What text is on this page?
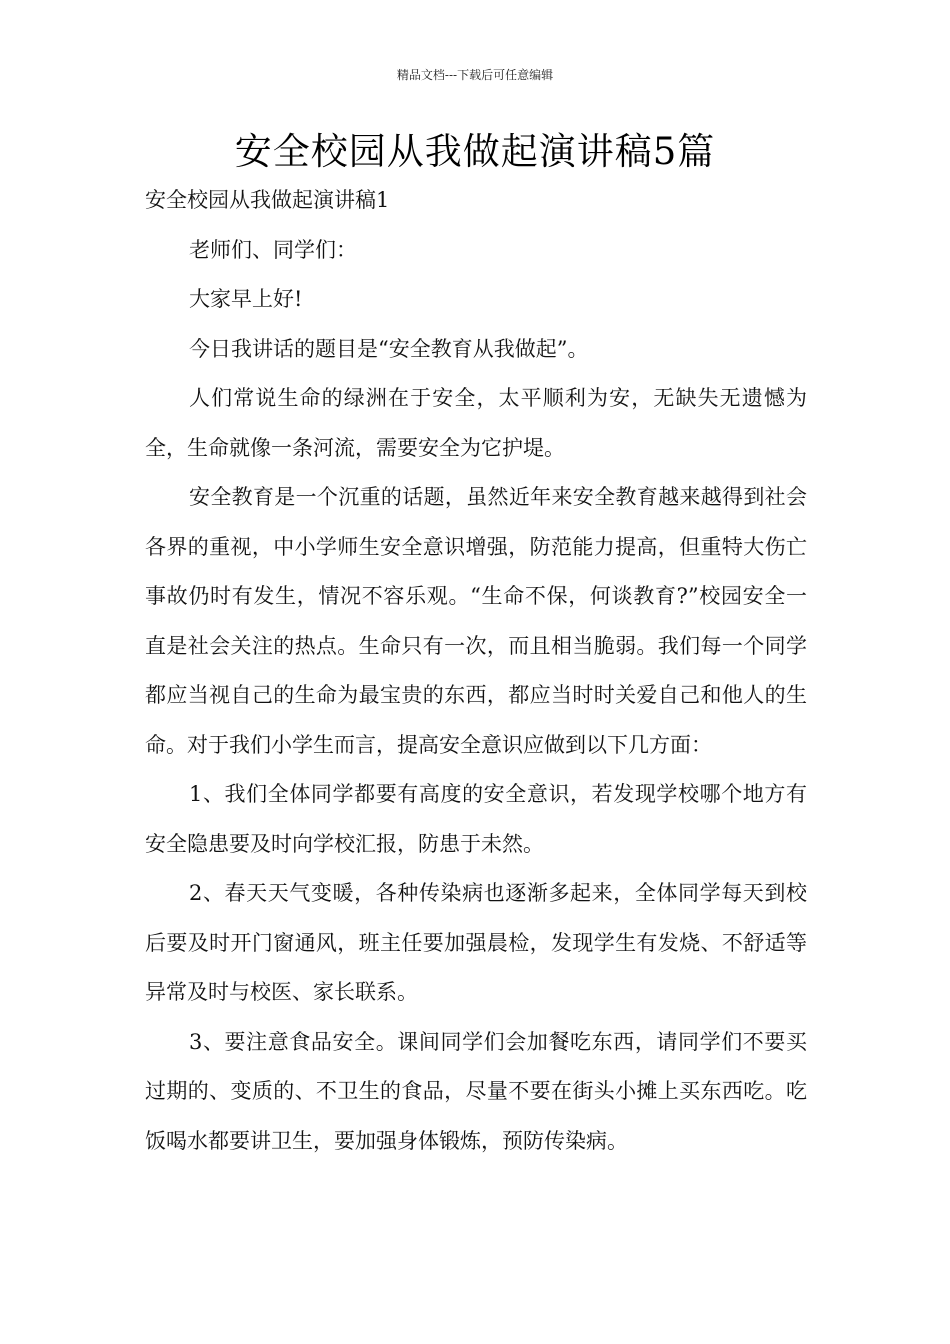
精品文档---下载后可任意编辑
安全校园从我做起演讲稿5篇

安全校园从我做起演讲稿1

老师们、同学们：

大家早上好!

今日我讲话的题目是“安全教育从我做起”。

人们常说生命的绿洲在于安全，太平顺利为安，无缺失无遗憾为全，生命就像一条河流，需要安全为它护堤。

安全教育是一个沉重的话题，虽然近年来安全教育越来越得到社会各界的重视，中小学师生安全意识增强，防范能力提高，但重特大伤亡事故仍时有发生，情况不容乐观。“生命不保，何谈教育?”校园安全一直是社会关注的热点。生命只有一次，而且相当脆弱。我们每一个同学都应当视自己的生命为最宝贵的东西，都应当时时关爱自己和他人的生命。对于我们小学生而言，提高安全意识应做到以下几方面：

1、我们全体同学都要有高度的安全意识，若发现学校哪个地方有安全隐患要及时向学校汇报，防患于未然。

2、春天天气变暖，各种传染病也逐渐多起来，全体同学每天到校后要及时开门窗通风，班主任要加强晨检，发现学生有发烧、不舒适等异常及时与校医、家长联系。

3、要注意食品安全。课间同学们会加餐吃东西，请同学们不要买过期的、变质的、不卫生的食品，尽量不要在街头小摊上买东西吃。吃饭喝水都要讲卫生，要加强身体锻炼，预防传染病。
